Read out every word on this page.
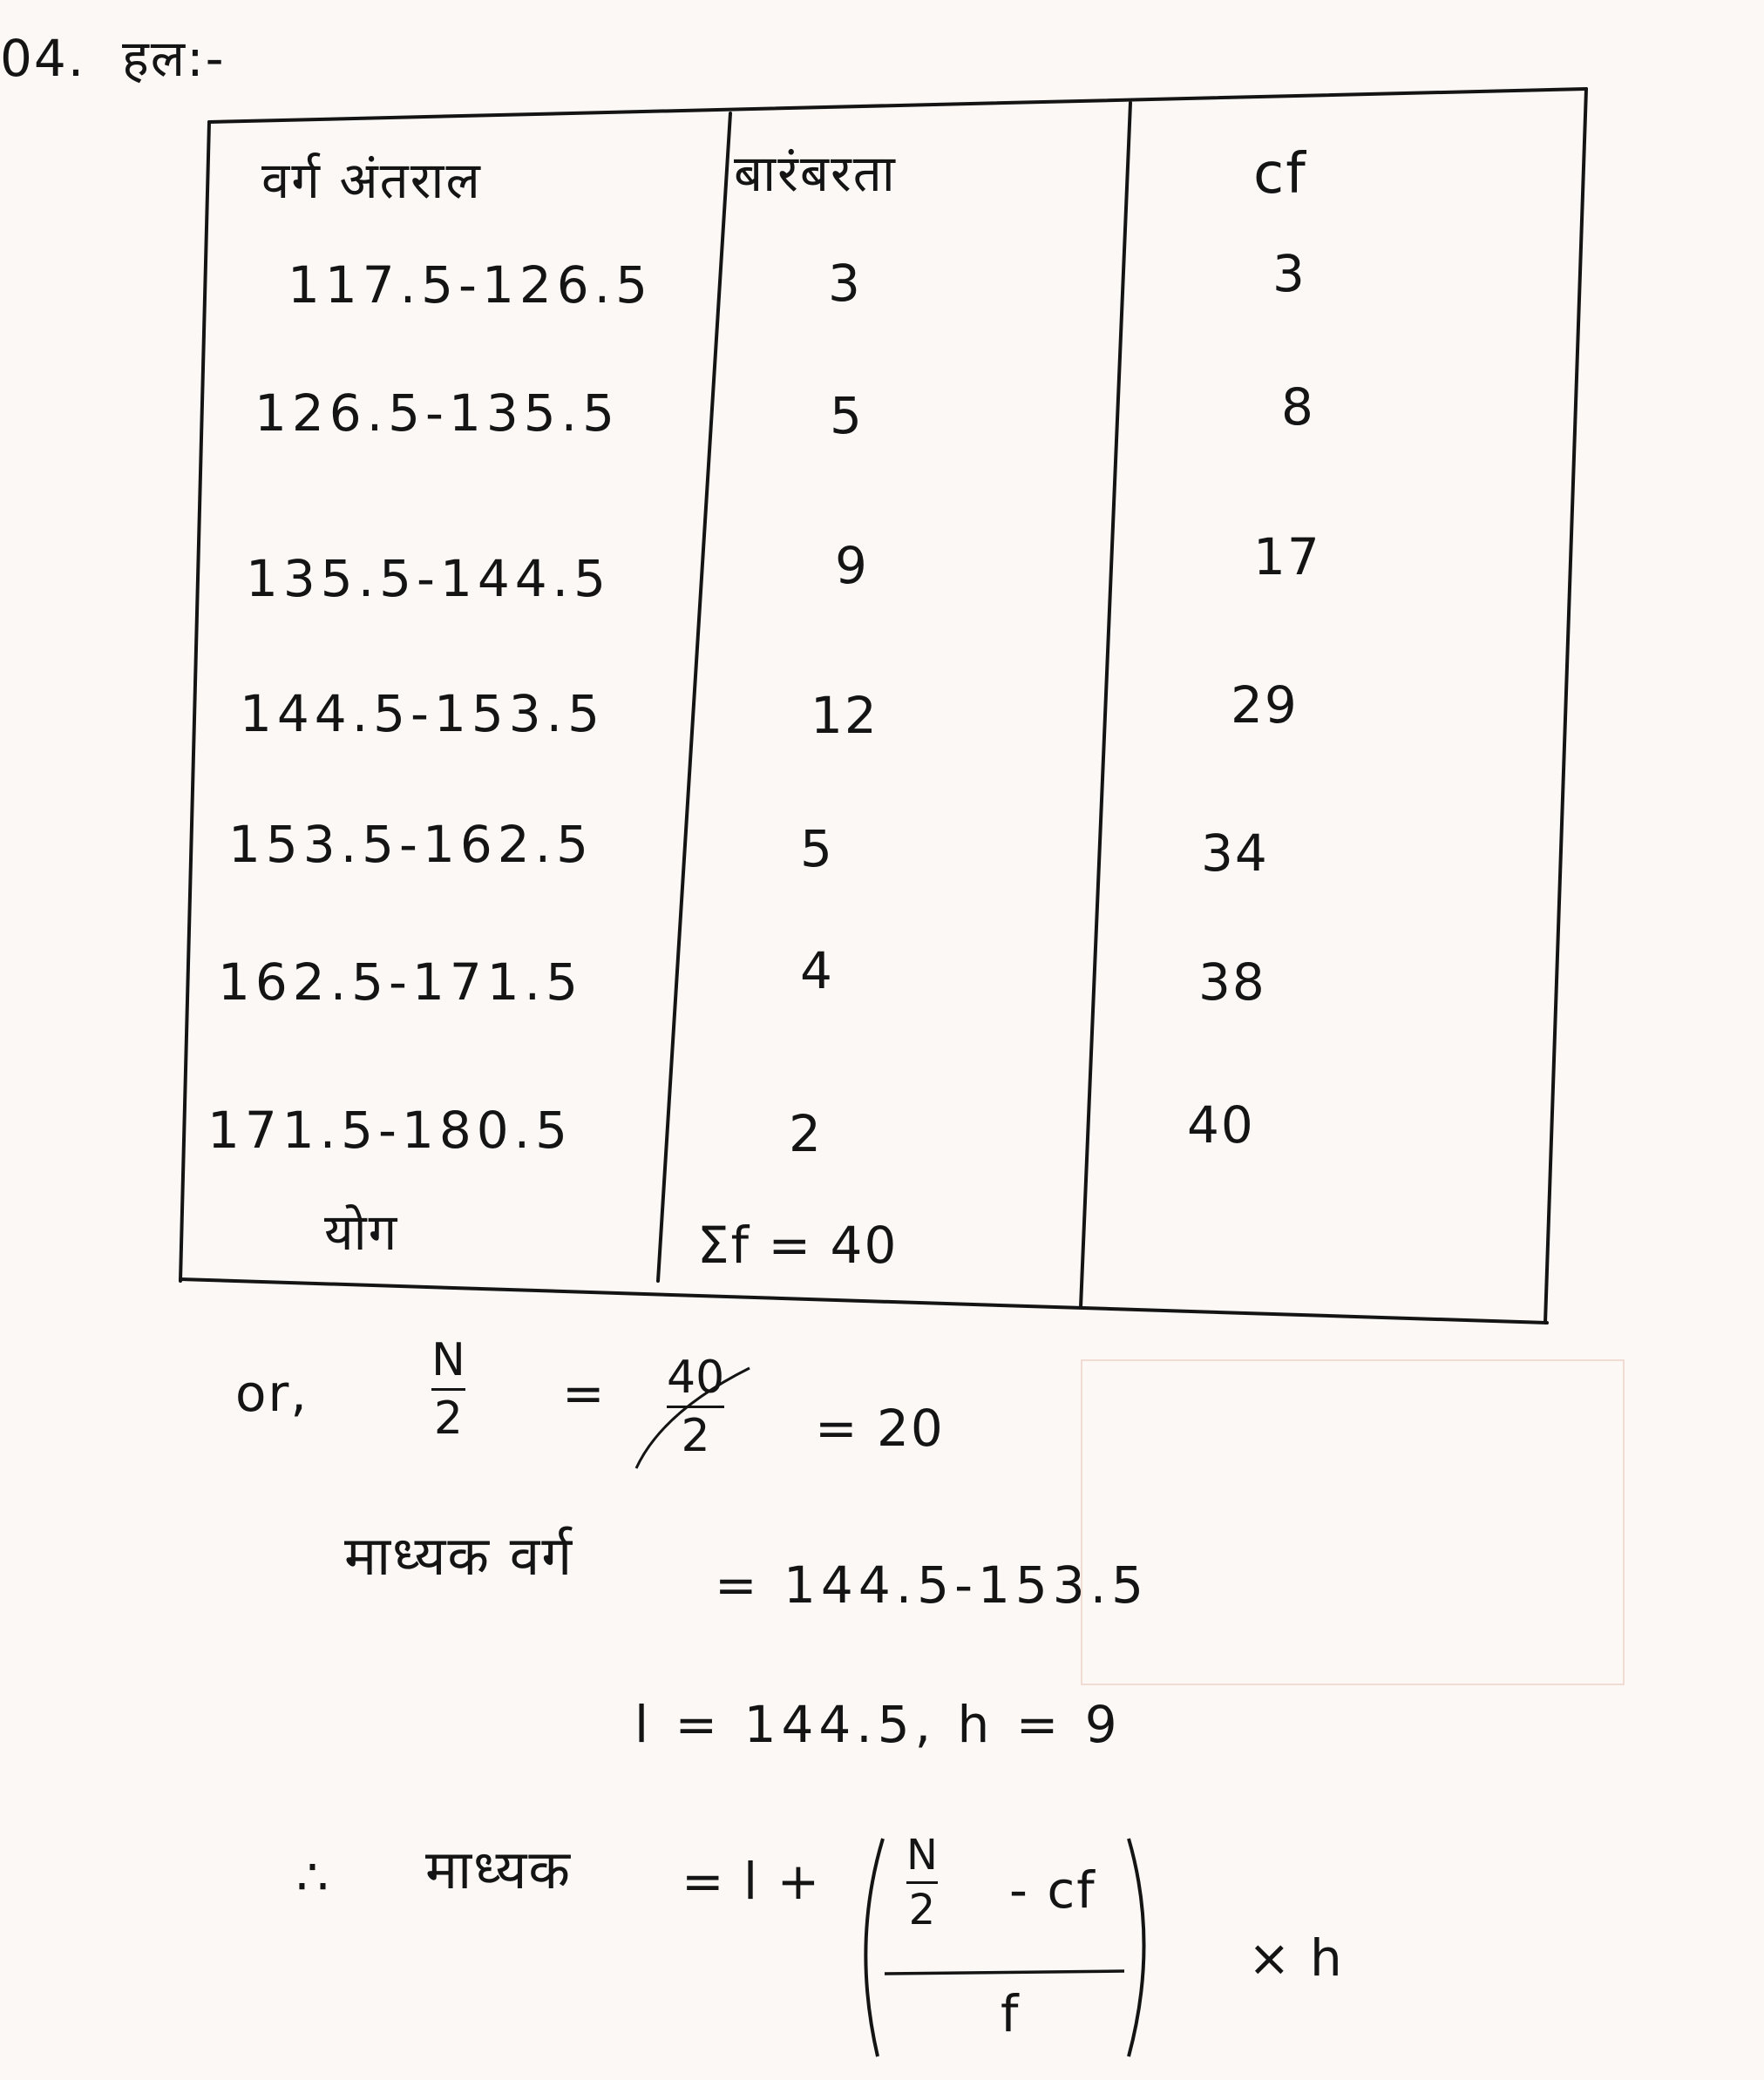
04. हल:-
वर्ग अंतराल	बारंबरता	cf
117.5-126.5	3	3
126.5-135.5	5	8
135.5-144.5	9	17
144.5-153.5	12	29
153.5-162.5	5	34
162.5-171.5	4	38
171.5-180.5	2	40
योग	Σf = 40
or,
N
2 = 40
2 = 20
माध्यक वर्ग	= 144.5-153.5
l = 144.5, h = 9
∴ माध्यक = l + N
2 - cf
f
× h
